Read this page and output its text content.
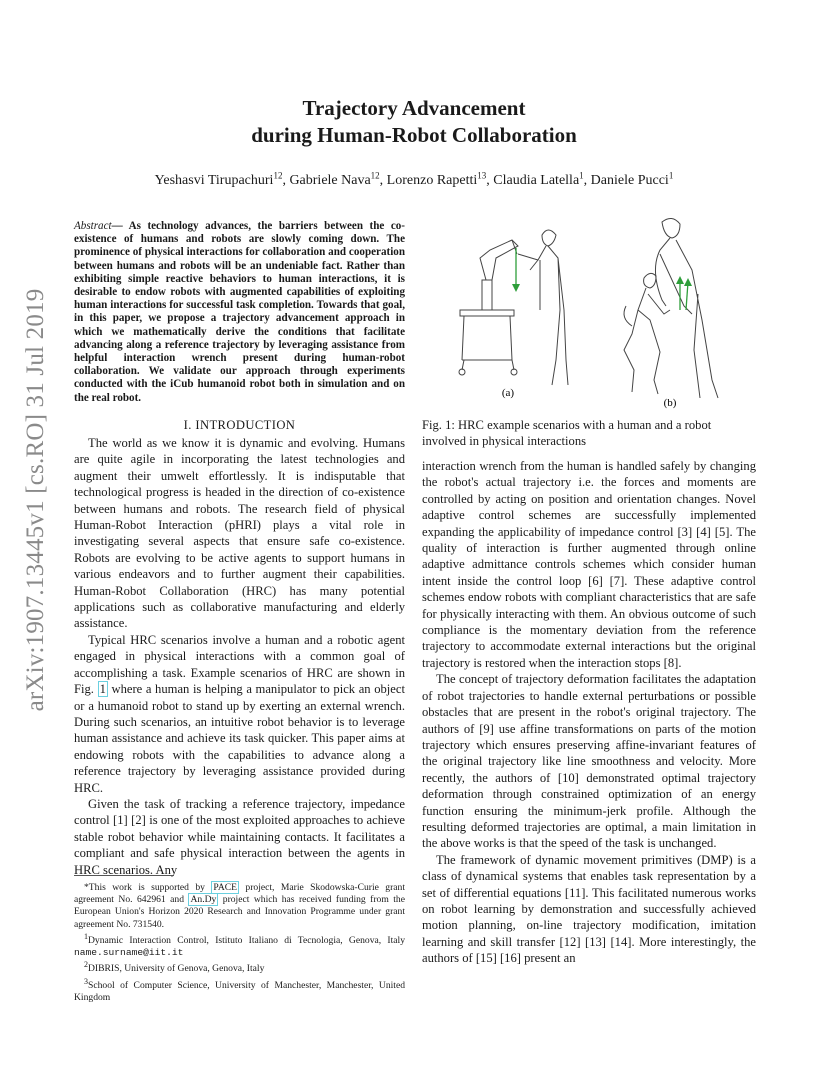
Trajectory Advancement
during Human-Robot Collaboration
Yeshasvi Tirupachuri$^{12}$, Gabriele Nava$^{12}$, Lorenzo Rapetti$^{13}$, Claudia Latella$^1$, Daniele Pucci$^1$
arXiv:1907.13445v1 [cs.RO] 31 Jul 2019
Abstract— As technology advances, the barriers between the co-existence of humans and robots are slowly coming down. The prominence of physical interactions for collaboration and cooperation between humans and robots will be an undeniable fact. Rather than exhibiting simple reactive behaviors to human interactions, it is desirable to endow robots with augmented capabilities of exploiting human interactions for successful task completion. Towards that goal, in this paper, we propose a trajectory advancement approach in which we mathematically derive the conditions that facilitate advancing along a reference trajectory by leveraging assistance from helpful interaction wrench present during human-robot collaboration. We validate our approach through experiments conducted with the iCub humanoid robot both in simulation and on the real robot.
I. INTRODUCTION

The world as we know it is dynamic and evolving. Humans are quite agile in incorporating the latest technologies and augment their umwelt effortlessly. It is indisputable that technological progress is headed in the direction of co-existence between humans and robots. The research field of physical Human-Robot Interaction (pHRI) plays a vital role in investigating several aspects that ensure safe co-existence. Robots are evolving to be active agents to support humans in various endeavors and to further augment their capabilities. Human-Robot Collaboration (HRC) has many potential applications such as collaborative manufacturing and elderly assistance.

Typical HRC scenarios involve a human and a robotic agent engaged in physical interactions with a common goal of accomplishing a task. Example scenarios of HRC are shown in Fig. 1 where a human is helping a manipulator to pick an object or a humanoid robot to stand up by exerting an external wrench. During such scenarios, an intuitive robot behavior is to leverage human assistance and achieve its task quicker. This paper aims at endowing robots with the capabilities to advance along a reference trajectory by leveraging assistance provided during HRC.

Given the task of tracking a reference trajectory, impedance control [1] [2] is one of the most exploited approaches to achieve stable robot behavior while maintaining contacts. It facilitates a compliant and safe physical interaction between the agents in HRC scenarios. Any

*This work is supported by PACE project, Marie Skodowska-Curie grant agreement No. 642961 and An.Dy project which has received funding from the European Union's Horizon 2020 Research and Innovation Programme under grant agreement No. 731540.
$^1$Dynamic Interaction Control, Istituto Italiano di Tecnologia, Genova, Italy name.surname@iit.it
$^2$DIBRIS, University of Genova, Genova, Italy
$^3$School of Computer Science, University of Manchester, Manchester, United Kingdom
(a)
(b)
Fig. 1: HRC example scenarios with a human and a robot involved in physical interactions

interaction wrench from the human is handled safely by changing the robot's actual trajectory i.e. the forces and moments are controlled by acting on position and orientation changes. Novel adaptive control schemes are successfully implemented expanding the applicability of impedance control [3] [4] [5]. The quality of interaction is further augmented through online adaptive admittance controls schemes which consider human intent inside the control loop [6] [7]. These adaptive control schemes endow robots with compliant characteristics that are safe for physically interacting with them. An obvious outcome of such compliance is the momentary deviation from the reference trajectory to accommodate external interactions but the original trajectory is restored when the interaction stops [8].

The concept of trajectory deformation facilitates the adaptation of robot trajectories to handle external perturbations or possible obstacles that are present in the robot's original trajectory. The authors of [9] use affine transformations on parts of the motion trajectory which ensures preserving affine-invariant features of the original trajectory like line smoothness and velocity. More recently, the authors of [10] demonstrated optimal trajectory deformation through constrained optimization of an energy function ensuring the minimum-jerk profile. Although the resulting deformed trajectories are optimal, a main limitation in the above works is that the speed of the task is unchanged.

The framework of dynamic movement primitives (DMP) is a class of dynamical systems that enables task representation by a set of differential equations [11]. This facilitated numerous works on robot learning by demonstration and successfully achieved motion planning, on-line trajectory modification, imitation learning and skill transfer [12] [13] [14]. More interestingly, the authors of [15] [16] present an
